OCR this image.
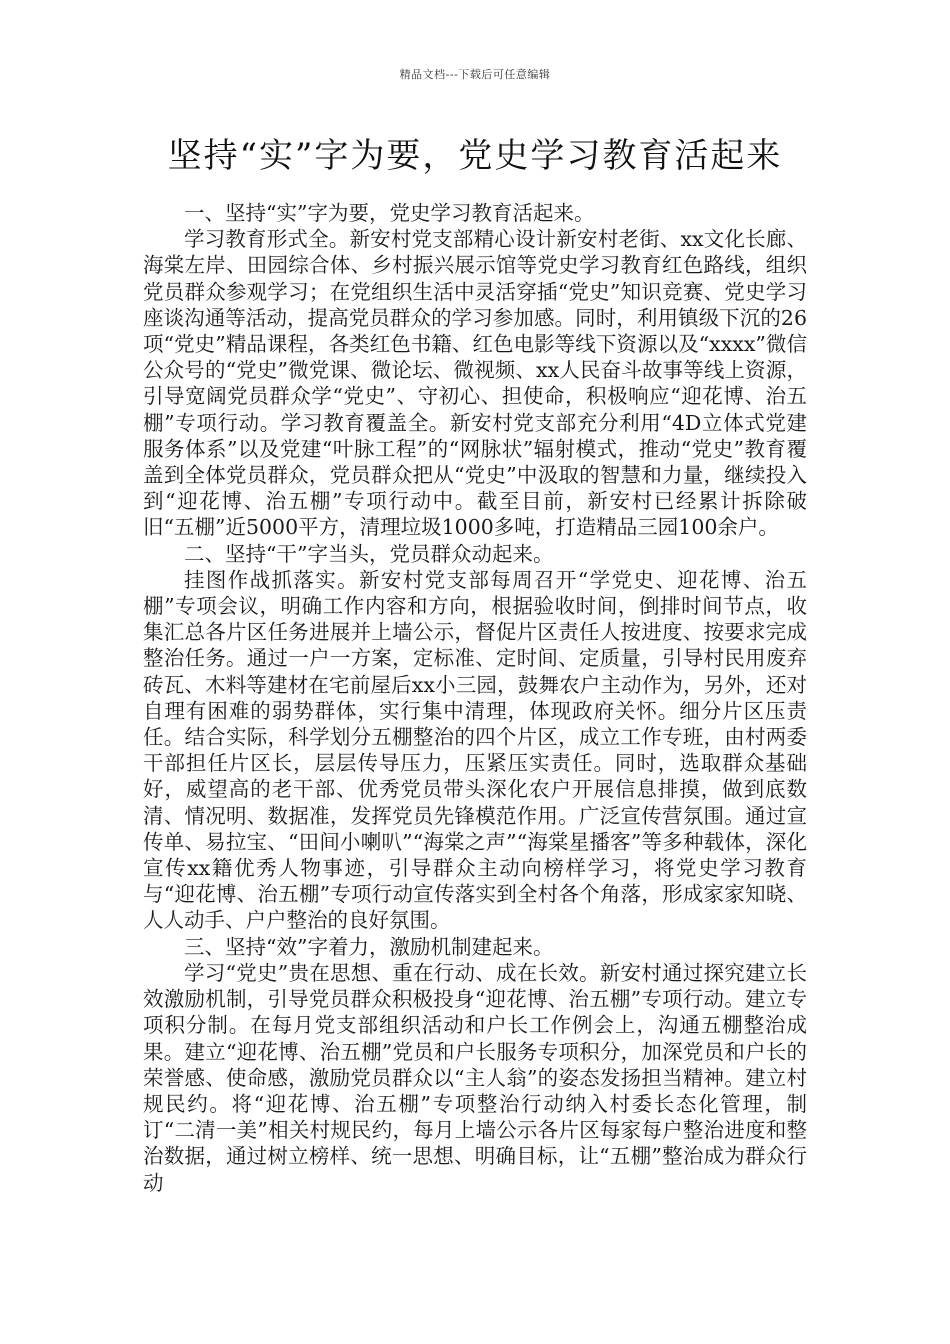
精品文档---下载后可任意编辑
坚持“实”字为要，党史学习教育活起来

一、坚持“实”字为要，党史学习教育活起来。

学习教育形式全。新安村党支部精心设计新安村老街、xx文化长廊、海棠左岸、田园综合体、乡村振兴展示馆等党史学习教育红色路线，组织党员群众参观学习；在党组织生活中灵活穿插“党史”知识竞赛、党史学习座谈沟通等活动，提高党员群众的学习参加感。同时，利用镇级下沉的26项“党史”精品课程，各类红色书籍、红色电影等线下资源以及“xxxx”微信公众号的“党史”微党课、微论坛、微视频、xx人民奋斗故事等线上资源，引导宽阔党员群众学“党史”、守初心、担使命，积极响应“迎花博、治五棚”专项行动。学习教育覆盖全。新安村党支部充分利用“4D立体式党建服务体系”以及党建“叶脉工程”的“网脉状”辐射模式，推动“党史”教育覆盖到全体党员群众，党员群众把从“党史”中汲取的智慧和力量，继续投入到“迎花博、治五棚”专项行动中。截至目前，新安村已经累计拆除破旧“五棚”近5000平方，清理垃圾1000多吨，打造精品三园100余户。

二、坚持“干”字当头，党员群众动起来。

挂图作战抓落实。新安村党支部每周召开“学党史、迎花博、治五棚”专项会议，明确工作内容和方向，根据验收时间，倒排时间节点，收集汇总各片区任务进展并上墙公示，督促片区责任人按进度、按要求完成整治任务。通过一户一方案，定标准、定时间、定质量，引导村民用废弃砖瓦、木料等建材在宅前屋后xx小三园，鼓舞农户主动作为，另外，还对自理有困难的弱势群体，实行集中清理，体现政府关怀。细分片区压责任。结合实际，科学划分五棚整治的四个片区，成立工作专班，由村两委干部担任片区长，层层传导压力，压紧压实责任。同时，选取群众基础好，威望高的老干部、优秀党员带头深化农户开展信息排摸，做到底数清、情况明、数据准，发挥党员先锋模范作用。广泛宣传营氛围。通过宣传单、易拉宝、“田间小喇叭”“海棠之声”“海棠星播客”等多种载体，深化宣传xx籍优秀人物事迹，引导群众主动向榜样学习，将党史学习教育与“迎花博、治五棚”专项行动宣传落实到全村各个角落，形成家家知晓、人人动手、户户整治的良好氛围。

三、坚持“效”字着力，激励机制建起来。

学习“党史”贵在思想、重在行动、成在长效。新安村通过探究建立长效激励机制，引导党员群众积极投身“迎花博、治五棚”专项行动。建立专项积分制。在每月党支部组织活动和户长工作例会上，沟通五棚整治成果。建立“迎花博、治五棚”党员和户长服务专项积分，加深党员和户长的荣誉感、使命感，激励党员群众以“主人翁”的姿态发扬担当精神。建立村规民约。将“迎花博、治五棚”专项整治行动纳入村委长态化管理，制订“二清一美”相关村规民约，每月上墙公示各片区每家每户整治进度和整治数据，通过树立榜样、统一思想、明确目标，让“五棚”整治成为群众行动
